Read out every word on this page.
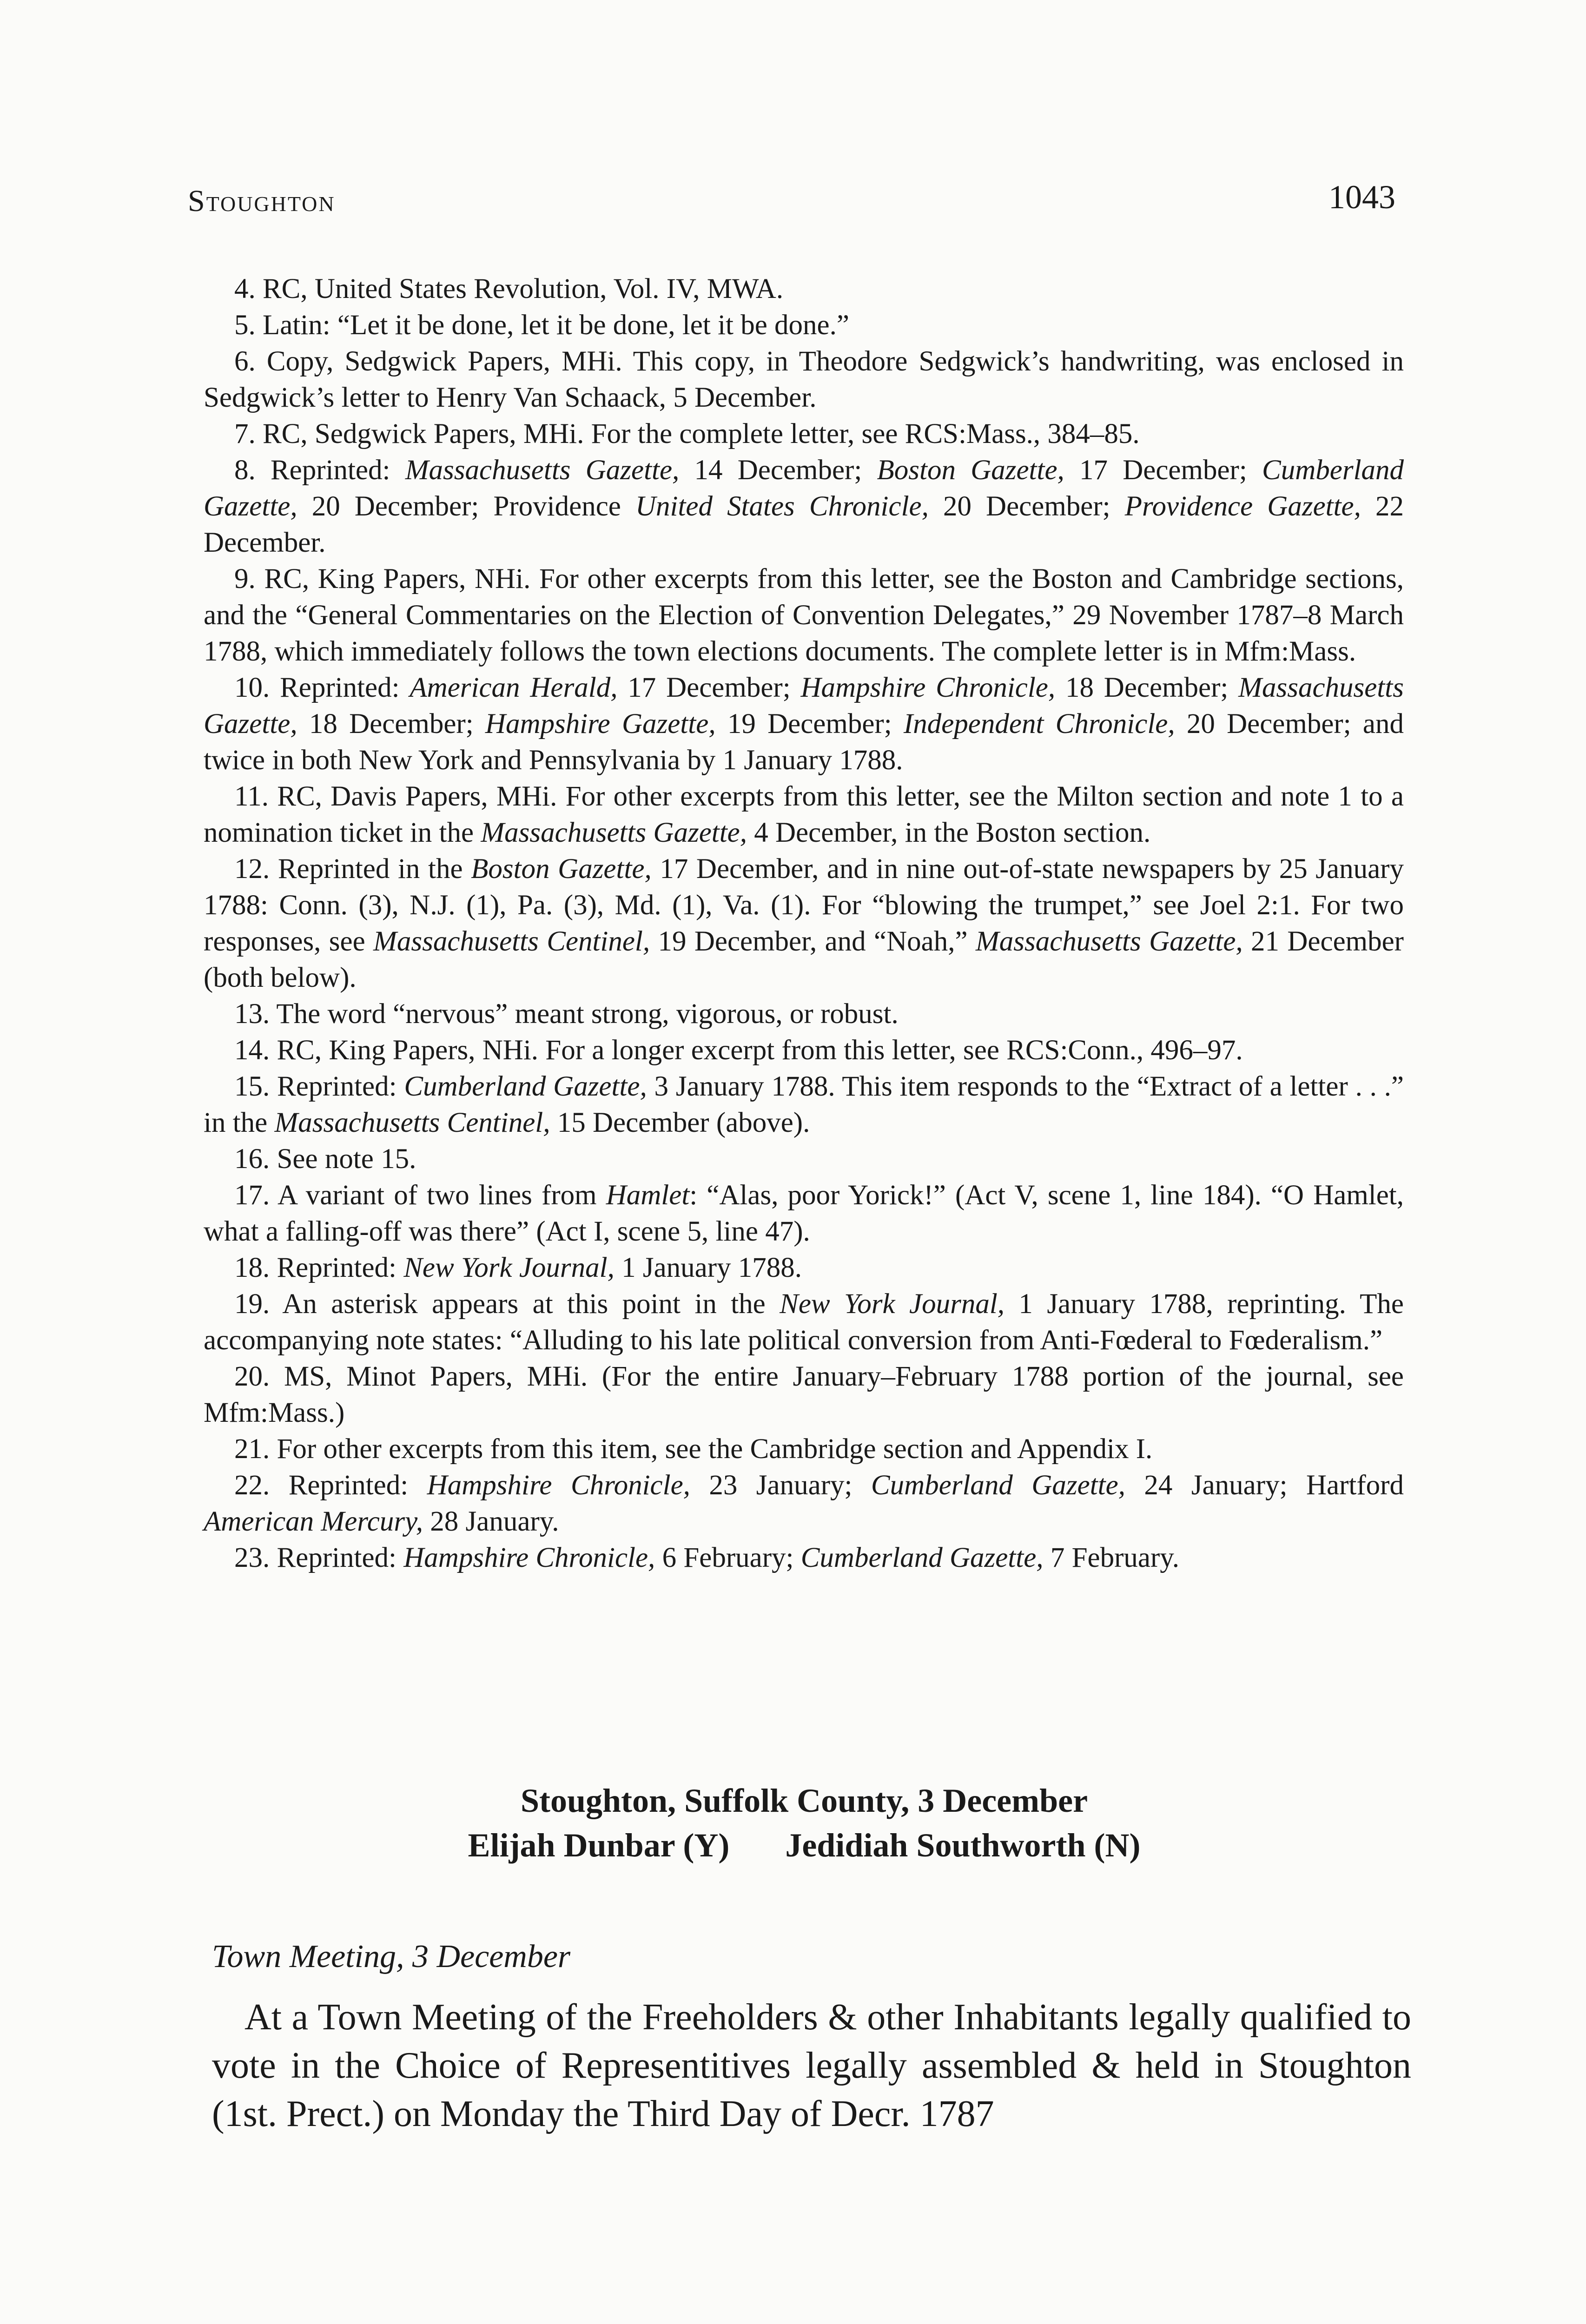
Stoughton	1043

4. RC, United States Revolution, Vol. IV, MWA.

5. Latin: “Let it be done, let it be done, let it be done.”

6. Copy, Sedgwick Papers, MHi. This copy, in Theodore Sedgwick’s handwriting, was enclosed in Sedgwick’s letter to Henry Van Schaack, 5 December.

7. RC, Sedgwick Papers, MHi. For the complete letter, see RCS:Mass., 384–85.

8. Reprinted: Massachusetts Gazette, 14 December; Boston Gazette, 17 December; Cumberland Gazette, 20 December; Providence United States Chronicle, 20 December; Providence Gazette, 22 December.

9. RC, King Papers, NHi. For other excerpts from this letter, see the Boston and Cambridge sections, and the “General Commentaries on the Election of Convention Delegates,” 29 November 1787–8 March 1788, which immediately follows the town elections documents. The complete letter is in Mfm:Mass.

10. Reprinted: American Herald, 17 December; Hampshire Chronicle, 18 December; Massachusetts Gazette, 18 December; Hampshire Gazette, 19 December; Independent Chronicle, 20 December; and twice in both New York and Pennsylvania by 1 January 1788.

11. RC, Davis Papers, MHi. For other excerpts from this letter, see the Milton section and note 1 to a nomination ticket in the Massachusetts Gazette, 4 December, in the Boston section.

12. Reprinted in the Boston Gazette, 17 December, and in nine out-of-state newspapers by 25 January 1788: Conn. (3), N.J. (1), Pa. (3), Md. (1), Va. (1). For “blowing the trumpet,” see Joel 2:1. For two responses, see Massachusetts Centinel, 19 December, and “Noah,” Massachusetts Gazette, 21 December (both below).

13. The word “nervous” meant strong, vigorous, or robust.

14. RC, King Papers, NHi. For a longer excerpt from this letter, see RCS:Conn., 496–97.

15. Reprinted: Cumberland Gazette, 3 January 1788. This item responds to the “Extract of a letter . . .” in the Massachusetts Centinel, 15 December (above).

16. See note 15.

17. A variant of two lines from Hamlet: “Alas, poor Yorick!” (Act V, scene 1, line 184). “O Hamlet, what a falling-off was there” (Act I, scene 5, line 47).

18. Reprinted: New York Journal, 1 January 1788.

19. An asterisk appears at this point in the New York Journal, 1 January 1788, reprinting. The accompanying note states: “Alluding to his late political conversion from Anti-Fœderal to Fœderalism.”

20. MS, Minot Papers, MHi. (For the entire January–February 1788 portion of the journal, see Mfm:Mass.)

21. For other excerpts from this item, see the Cambridge section and Appendix I.

22. Reprinted: Hampshire Chronicle, 23 January; Cumberland Gazette, 24 January; Hartford American Mercury, 28 January.

23. Reprinted: Hampshire Chronicle, 6 February; Cumberland Gazette, 7 February.

Stoughton, Suffolk County, 3 December
Elijah Dunbar (Y) Jedidiah Southworth (N)
Town Meeting, 3 December
At a Town Meeting of the Freeholders & other Inhabitants legally qualified to vote in the Choice of Representitives legally assembled & held in Stoughton (1st. Prect.) on Monday the Third Day of Decr. 1787
